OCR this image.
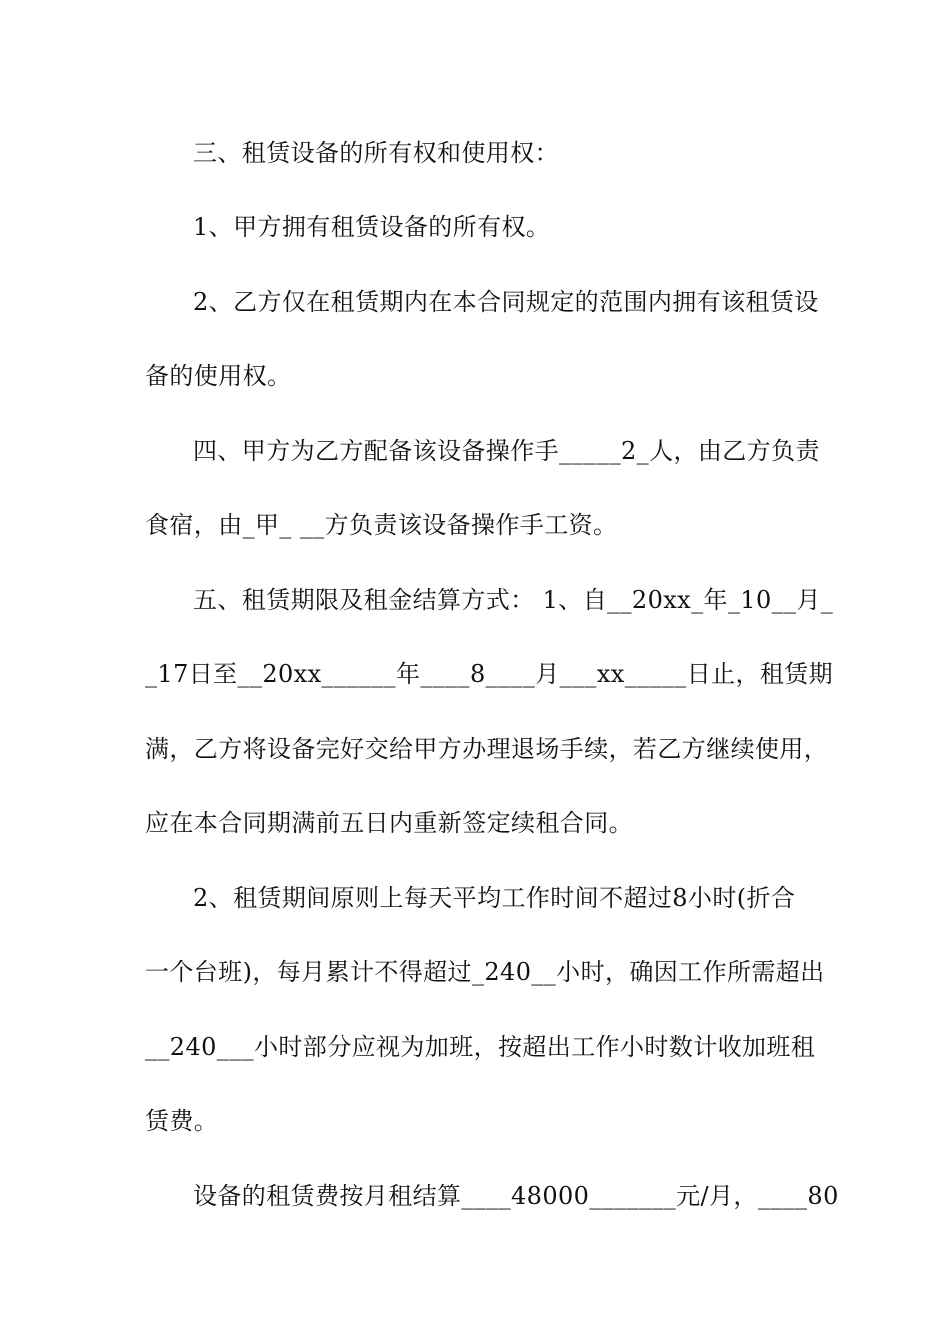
三、租赁设备的所有权和使用权：
1、甲方拥有租赁设备的所有权。
2、乙方仅在租赁期内在本合同规定的范围内拥有该租赁设
备的使用权。
四、甲方为乙方配备该设备操作手_____2_人，由乙方负责
食宿，由_甲_ __方负责该设备操作手工资。
五、租赁期限及租金结算方式： 1、自__20xx_年_10__月_
_17日至__20xx______年____8____月___xx_____日止，租赁期
满，乙方将设备完好交给甲方办理退场手续，若乙方继续使用，
应在本合同期满前五日内重新签定续租合同。
2、租赁期间原则上每天平均工作时间不超过8小时(折合
一个台班)，每月累计不得超过_240__小时，确因工作所需超出
__240___小时部分应视为加班，按超出工作小时数计收加班租
赁费。
设备的租赁费按月租结算____48000_______元/月，____80
